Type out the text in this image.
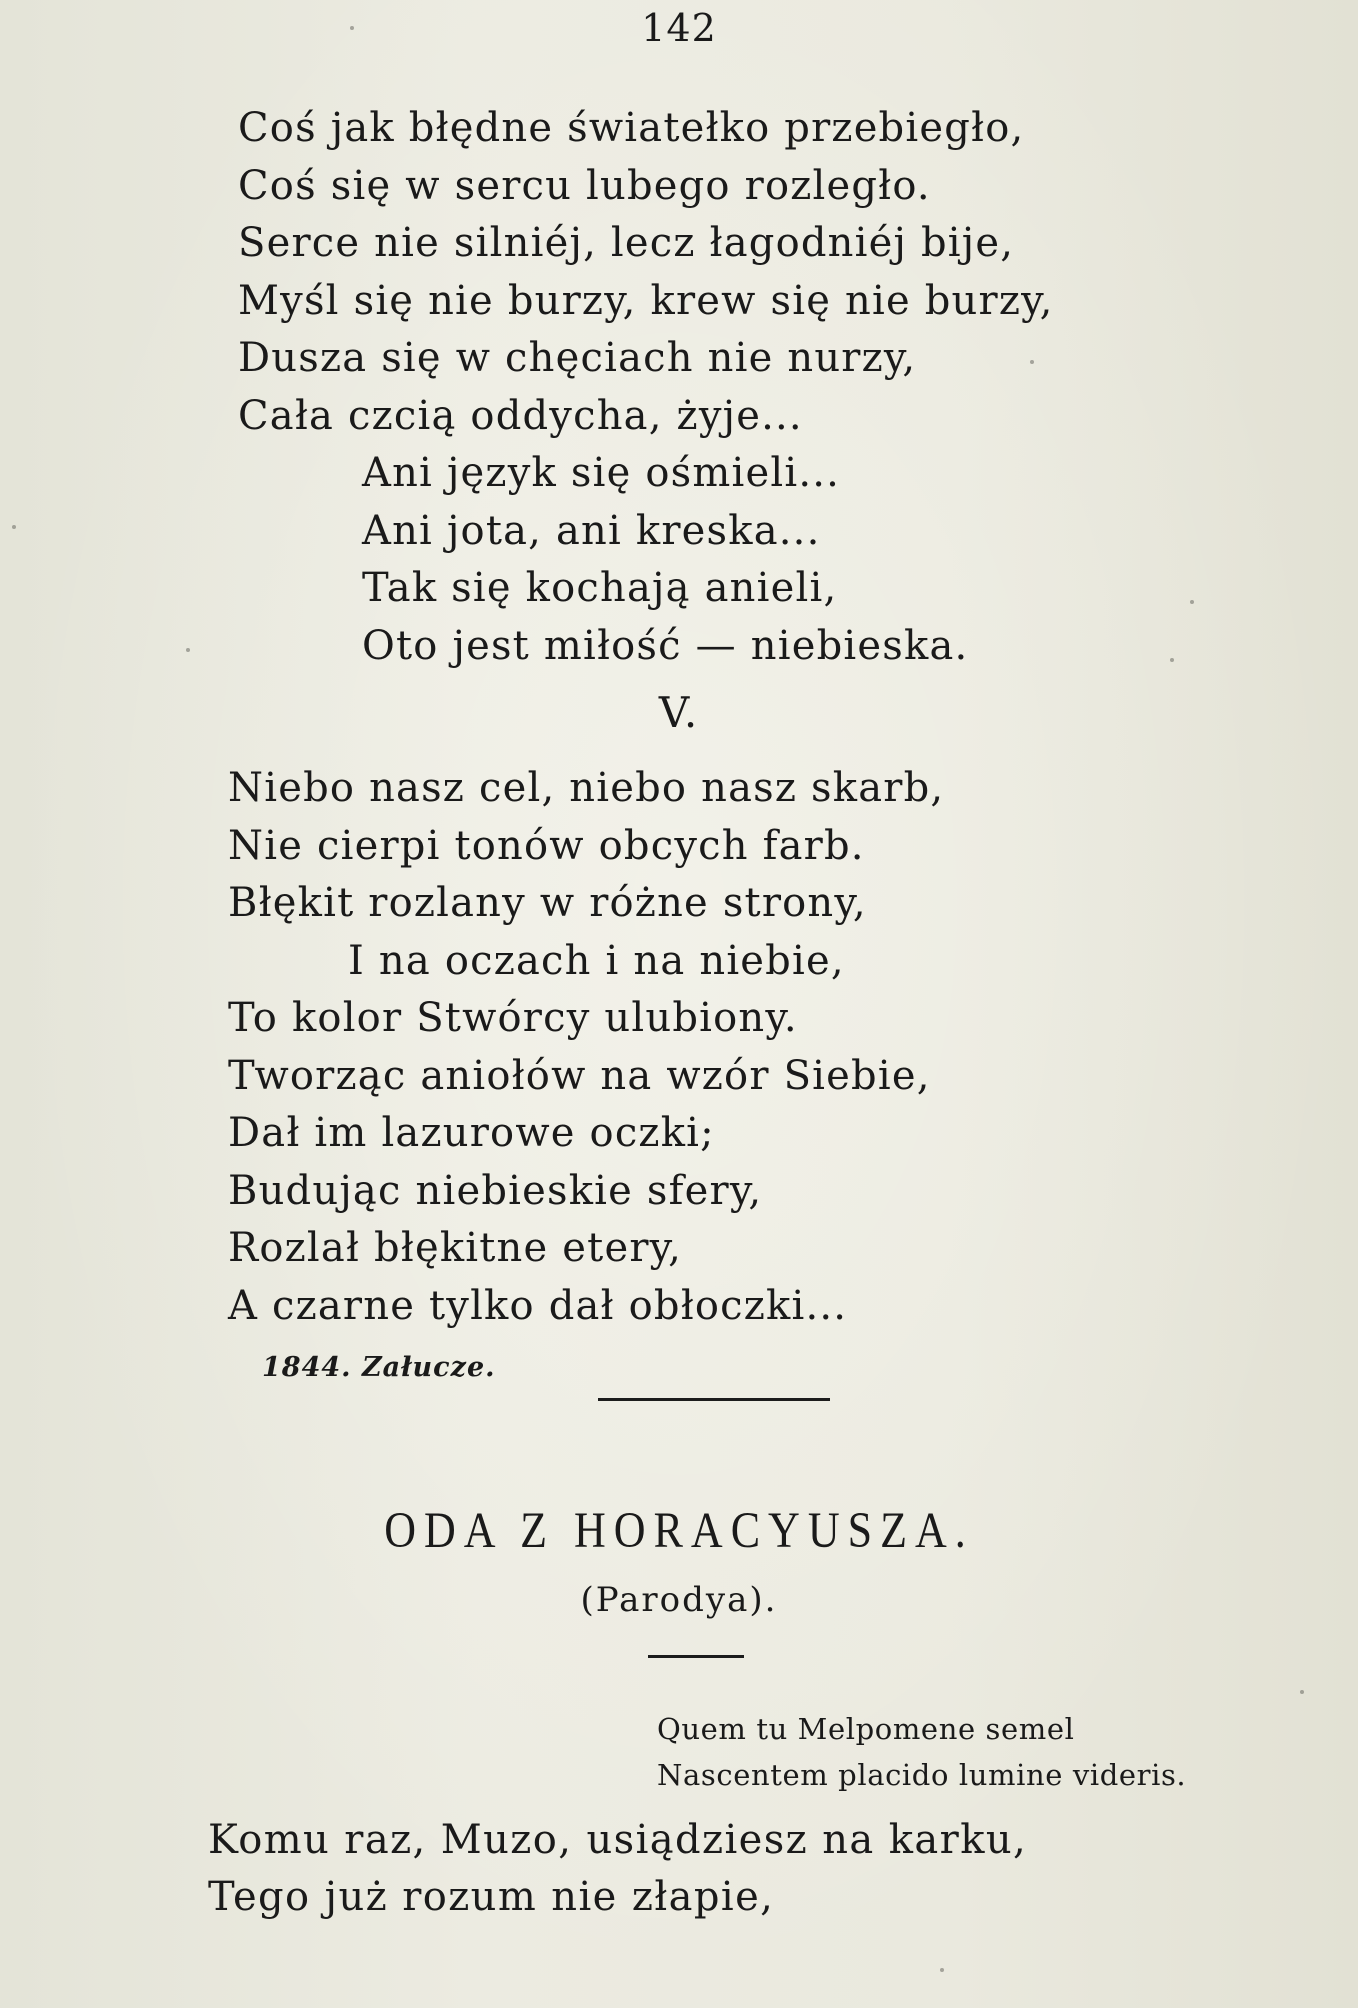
142
Coś jak błędne światełko przebiegło,
Coś się w sercu lubego rozległo.
Serce nie silniéj, lecz łagodniéj bije,
Myśl się nie burzy, krew się nie burzy,
Dusza się w chęciach nie nurzy,
Cała czcią oddycha, żyje...
Ani język się ośmieli...
Ani jota, ani kreska...
Tak się kochają anieli,
Oto jest miłość — niebieska.
V.
Niebo nasz cel, niebo nasz skarb,
Nie cierpi tonów obcych farb.
Błękit rozlany w różne strony,
I na oczach i na niebie,
To kolor Stwórcy ulubiony.
Tworząc aniołów na wzór Siebie,
Dał im lazurowe oczki;
Budując niebieskie sfery,
Rozlał błękitne etery,
A czarne tylko dał obłoczki...
1844. Załucze.
ODA Z HORACYUSZA.
(Parodya).
Quem tu Melpomene semel
Nascentem placido lumine videris.
Komu raz, Muzo, usiądziesz na karku,
Tego już rozum nie złapie,
